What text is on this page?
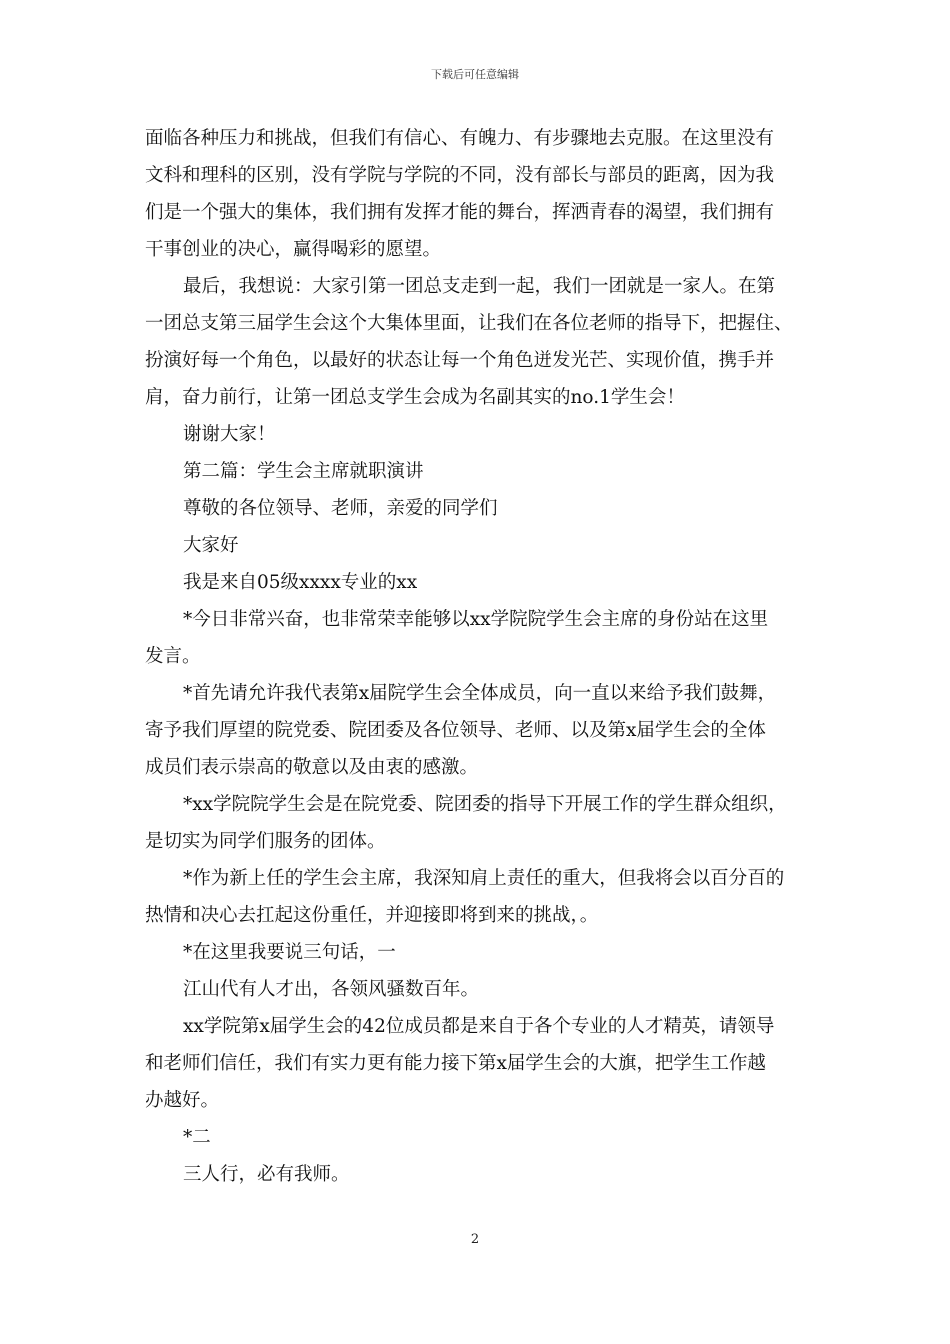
下载后可任意编辑
面临各种压力和挑战，但我们有信心、有魄力、有步骤地去克服。在这里没有
文科和理科的区别，没有学院与学院的不同，没有部长与部员的距离，因为我
们是一个强大的集体，我们拥有发挥才能的舞台，挥洒青春的渴望，我们拥有
干事创业的决心，赢得喝彩的愿望。
最后，我想说：大家引第一团总支走到一起，我们一团就是一家人。在第
一团总支第三届学生会这个大集体里面，让我们在各位老师的指导下，把握住、
扮演好每一个角色，以最好的状态让每一个角色迸发光芒、实现价值，携手并
肩，奋力前行，让第一团总支学生会成为名副其实的no.1学生会！
谢谢大家！
第二篇：学生会主席就职演讲
尊敬的各位领导、老师，亲爱的同学们
大家好
我是来自05级xxxx专业的xx
*今日非常兴奋，也非常荣幸能够以xx学院院学生会主席的身份站在这里
发言。
*首先请允许我代表第x届院学生会全体成员，向一直以来给予我们鼓舞，
寄予我们厚望的院党委、院团委及各位领导、老师、以及第x届学生会的全体
成员们表示崇高的敬意以及由衷的感激。
*xx学院院学生会是在院党委、院团委的指导下开展工作的学生群众组织，
是切实为同学们服务的团体。
*作为新上任的学生会主席，我深知肩上责任的重大，但我将会以百分百的
热情和决心去扛起这份重任，并迎接即将到来的挑战，。
*在这里我要说三句话，一
江山代有人才出，各领风骚数百年。
xx学院第x届学生会的42位成员都是来自于各个专业的人才精英，请领导
和老师们信任，我们有实力更有能力接下第x届学生会的大旗，把学生工作越
办越好。
*二
三人行，必有我师。
2
